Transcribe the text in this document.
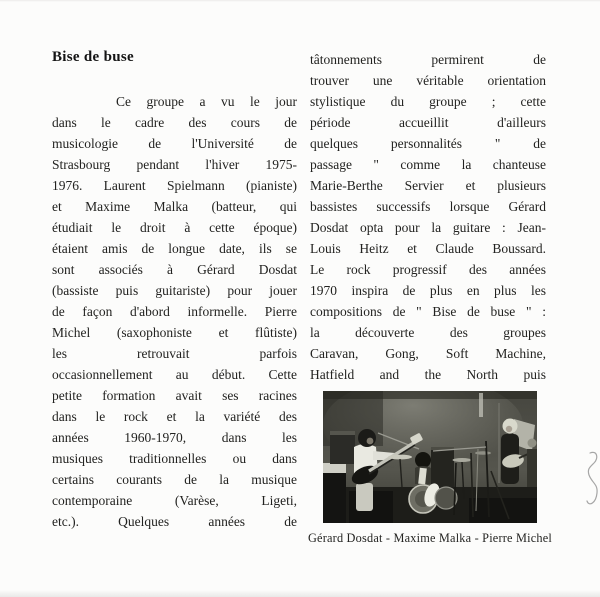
Bise de buse
Ce groupe a vu le jour
dans le cadre des cours de
musicologie de l'Université de
Strasbourg pendant l'hiver 1975-
1976. Laurent Spielmann (pianiste)
et Maxime Malka (batteur, qui
étudiait le droit à cette époque)
étaient amis de longue date, ils se
sont associés à Gérard Dosdat
(bassiste puis guitariste) pour jouer
de façon d'abord informelle. Pierre
Michel (saxophoniste et flûtiste)
les retrouvait parfois
occasionnellement au début. Cette
petite formation avait ses racines
dans le rock et la variété des
années 1960-1970, dans les
musiques traditionnelles ou dans
certains courants de la musique
contemporaine (Varèse, Ligeti,
etc.). Quelques années de
tâtonnements permirent de
trouver une véritable orientation
stylistique du groupe ; cette
période accueillit d'ailleurs
quelques personnalités " de
passage " comme la chanteuse
Marie-Berthe Servier et plusieurs
bassistes successifs lorsque Gérard
Dosdat opta pour la guitare : Jean-
Louis Heitz et Claude Boussard.
Le rock progressif des années
1970 inspira de plus en plus les
compositions de " Bise de buse " :
la découverte des groupes
Caravan, Gong, Soft Machine,
Hatfield and the North puis
Gérard Dosdat - Maxime Malka - Pierre Michel
